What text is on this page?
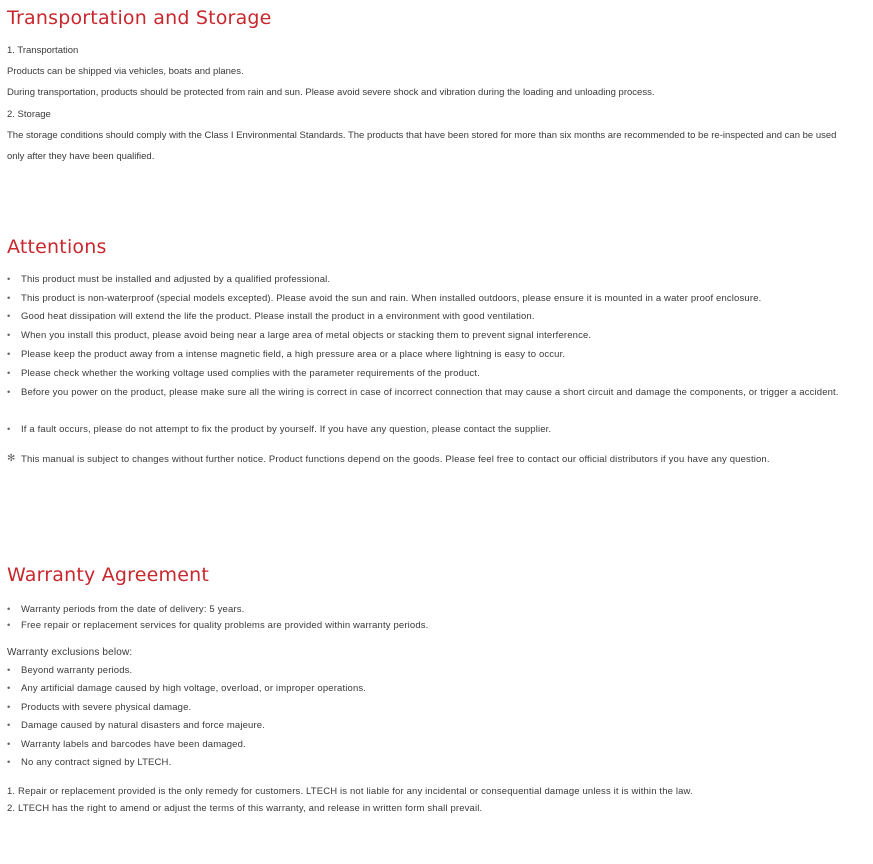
Transportation and Storage
1. Transportation
Products can be shipped via vehicles, boats and planes.
During transportation, products should be protected from rain and sun. Please avoid severe shock and vibration during the loading and unloading process.
2. Storage
The storage conditions should comply with the Class I Environmental Standards. The products that have been stored for more than six months are recommended to be re-inspected and can be used
only after they have been qualified.
Attentions
•	This product must be installed and adjusted by a qualified professional.
•	This product is non-waterproof (special models excepted). Please avoid the sun and rain. When installed outdoors, please ensure it is mounted in a water proof enclosure.
•	Good heat dissipation will extend the life the product. Please install the product in a environment with good ventilation.
•	When you install this product, please avoid being near a large area of metal objects or stacking them to prevent signal interference.
•	Please keep the product away from a intense magnetic field, a high pressure area or a place where lightning is easy to occur.
•	Please check whether the working voltage used complies with the parameter requirements of the product.
•	Before you power on the product, please make sure all the wiring is correct in case of incorrect connection that may cause a short circuit and damage the components, or trigger a accident.
•	If a fault occurs, please do not attempt to fix the product by yourself. If you have any question, please contact the supplier.
✻ This manual is subject to changes without further notice. Product functions depend on the goods. Please feel free to contact our official distributors if you have any question.
Warranty Agreement
•	Warranty periods from the date of delivery: 5 years.
•	Free repair or replacement services for quality problems are provided within warranty periods.
Warranty exclusions below:
•	Beyond warranty periods.
•	Any artificial damage caused by high voltage, overload, or improper operations.
•	Products with severe physical damage.
•	Damage caused by natural disasters and force majeure.
•	Warranty labels and barcodes have been damaged.
•	No any contract signed by LTECH.
1. Repair or replacement provided is the only remedy for customers. LTECH is not liable for any incidental or consequential damage unless it is within the law.
2. LTECH has the right to amend or adjust the terms of this warranty, and release in written form shall prevail.
